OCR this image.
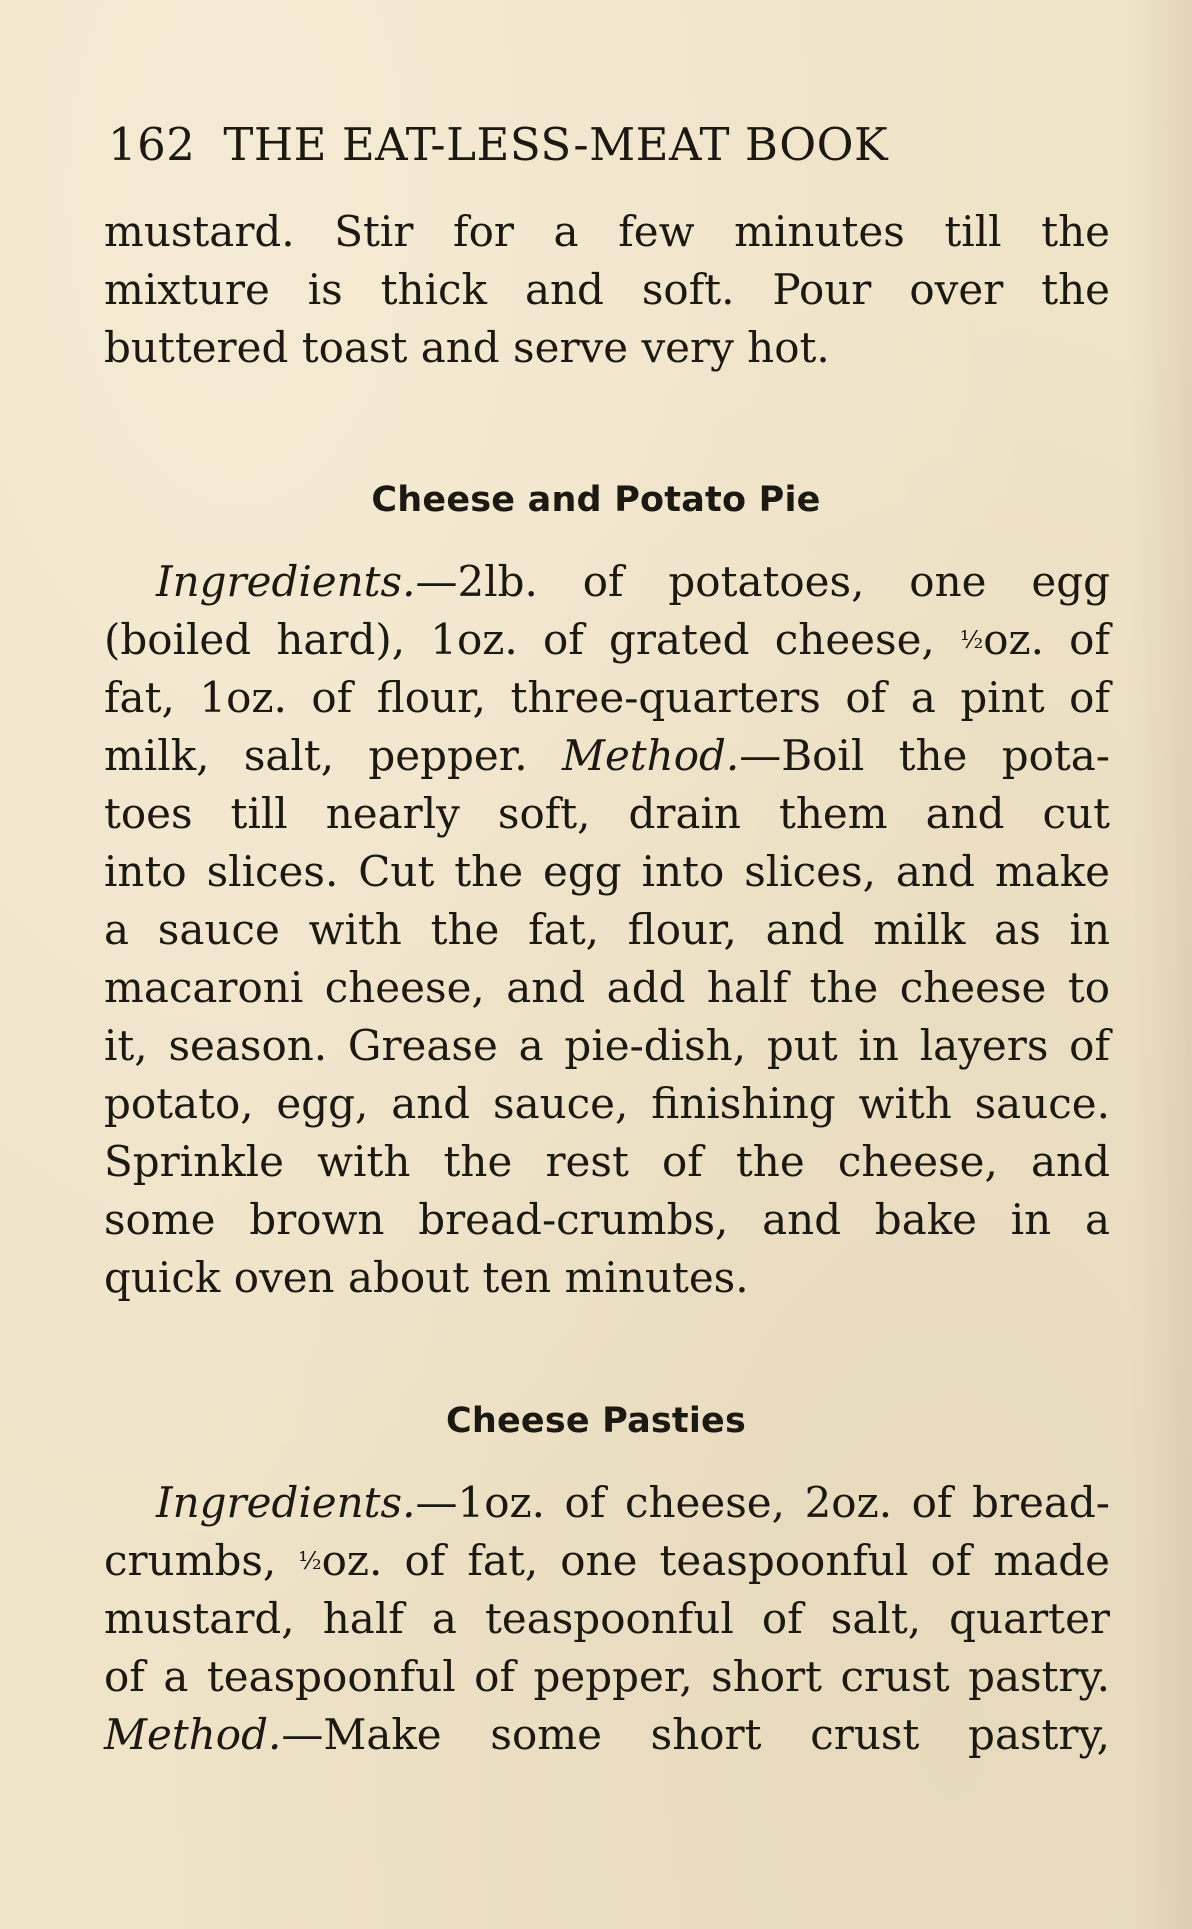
162 THE EAT-LESS-MEAT BOOK
mustard. Stir for a few minutes till the
mixture is thick and soft. Pour over the
buttered toast and serve very hot.
Cheese and Potato Pie
Ingredients.—2lb. of potatoes, one egg
(boiled hard), 1oz. of grated cheese, ½oz. of
fat, 1oz. of flour, three-quarters of a pint of
milk, salt, pepper. Method.—Boil the pota-
toes till nearly soft, drain them and cut
into slices. Cut the egg into slices, and make
a sauce with the fat, flour, and milk as in
macaroni cheese, and add half the cheese to
it, season. Grease a pie-dish, put in layers of
potato, egg, and sauce, finishing with sauce.
Sprinkle with the rest of the cheese, and
some brown bread-crumbs, and bake in a
quick oven about ten minutes.
Cheese Pasties
Ingredients.—1oz. of cheese, 2oz. of bread-
crumbs, ½oz. of fat, one teaspoonful of made
mustard, half a teaspoonful of salt, quarter
of a teaspoonful of pepper, short crust pastry.
Method.—Make some short crust pastry,
